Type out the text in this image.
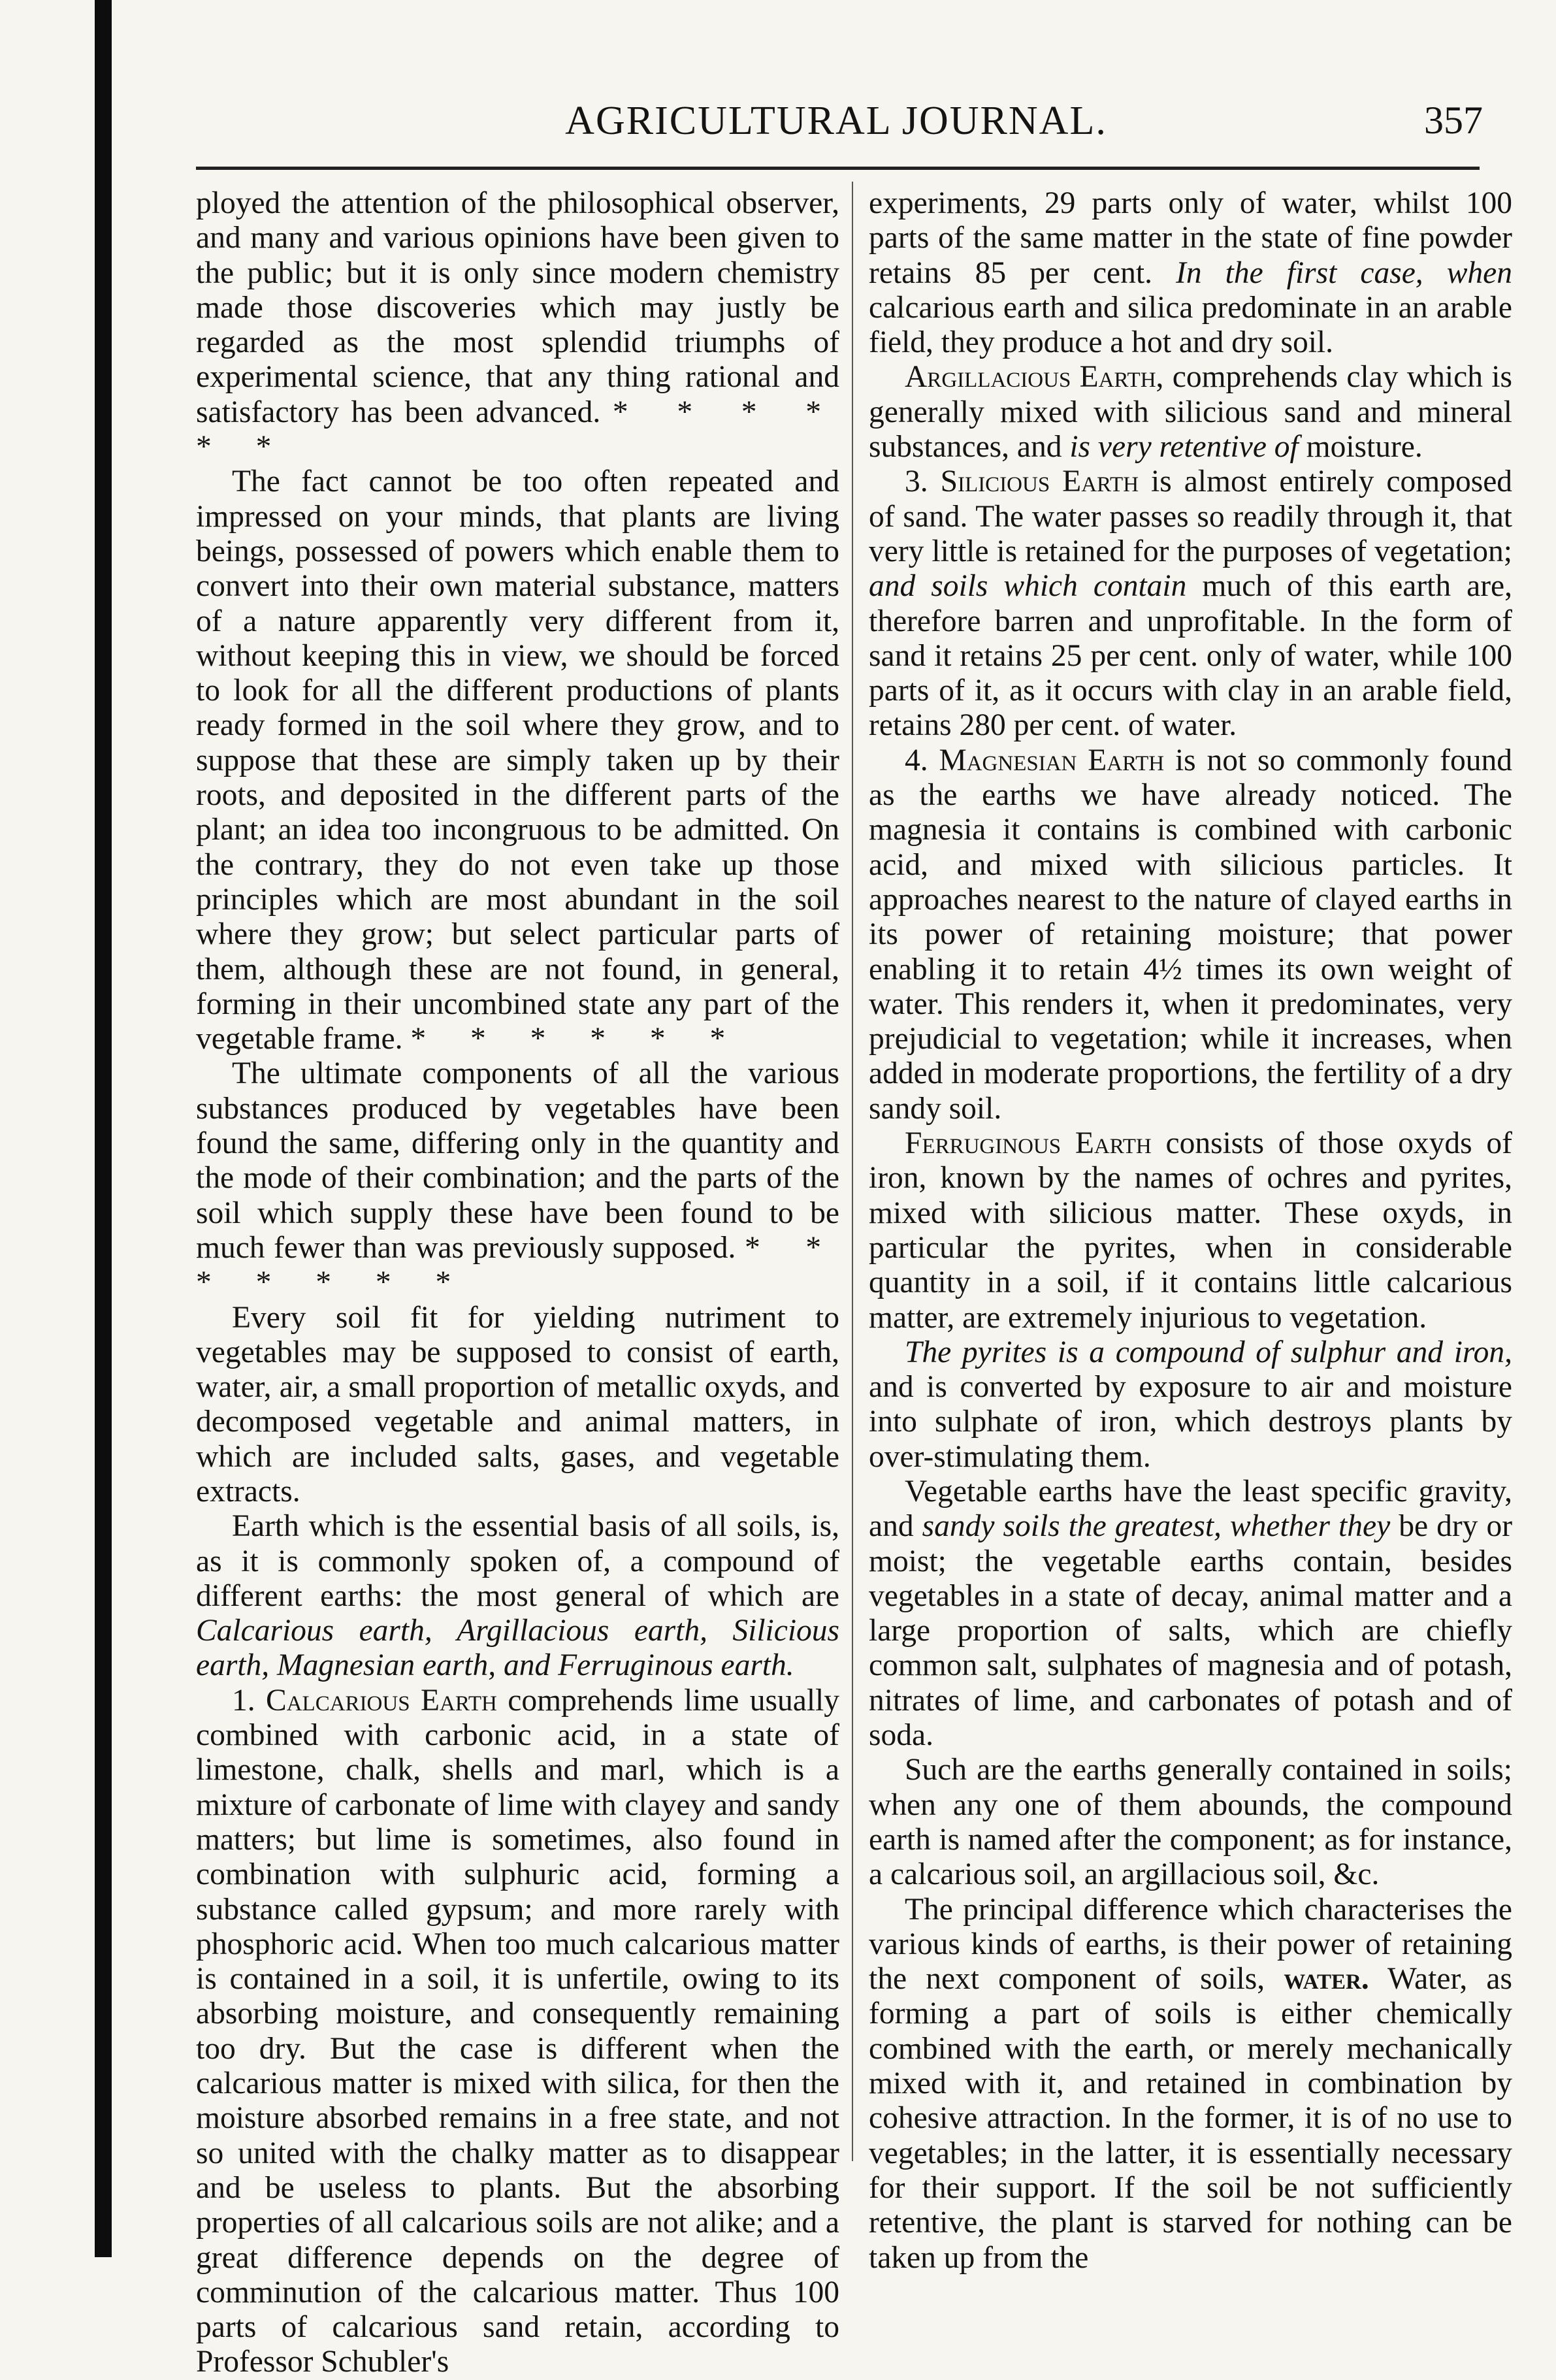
AGRICULTURAL JOURNAL.	357

ployed the attention of the philosophical observer, and many and various opinions have been given to the public; but it is only since modern chemistry made those discoveries which may justly be regarded as the most splendid triumphs of experimental science, that any thing rational and satisfactory has been advanced. * * * * * *

The fact cannot be too often repeated and impressed on your minds, that plants are living beings, possessed of powers which enable them to convert into their own material substance, matters of a nature apparently very different from it, without keeping this in view, we should be forced to look for all the different productions of plants ready formed in the soil where they grow, and to suppose that these are simply taken up by their roots, and deposited in the different parts of the plant; an idea too incongruous to be admitted. On the contrary, they do not even take up those principles which are most abundant in the soil where they grow; but select particular parts of them, although these are not found, in general, forming in their uncombined state any part of the vegetable frame. * * * * * *

The ultimate components of all the various substances produced by vegetables have been found the same, differing only in the quantity and the mode of their combination; and the parts of the soil which supply these have been found to be much fewer than was previously supposed. * * * * * * *

Every soil fit for yielding nutriment to vegetables may be supposed to consist of earth, water, air, a small proportion of metallic oxyds, and decomposed vegetable and animal matters, in which are included salts, gases, and vegetable extracts.

Earth which is the essential basis of all soils, is, as it is commonly spoken of, a compound of different earths: the most general of which are Calcarious earth, Argillacious earth, Silicious earth, Magnesian earth, and Ferruginous earth.

1. Calcarious Earth comprehends lime usually combined with carbonic acid, in a state of limestone, chalk, shells and marl, which is a mixture of carbonate of lime with clayey and sandy matters; but lime is sometimes, also found in combination with sulphuric acid, forming a substance called gypsum; and more rarely with phosphoric acid. When too much calcarious matter is contained in a soil, it is unfertile, owing to its absorbing moisture, and consequently remaining too dry. But the case is different when the calcarious matter is mixed with silica, for then the moisture absorbed remains in a free state, and not so united with the chalky matter as to disappear and be useless to plants. But the absorbing properties of all calcarious soils are not alike; and a great difference depends on the degree of comminution of the calcarious matter. Thus 100 parts of calcarious sand retain, according to Professor Schubler's

experiments, 29 parts only of water, whilst 100 parts of the same matter in the state of fine powder retains 85 per cent. In the first case, when calcarious earth and silica predominate in an arable field, they produce a hot and dry soil.

Argillacious Earth, comprehends clay which is generally mixed with silicious sand and mineral substances, and is very retentive of moisture.

3. Silicious Earth is almost entirely composed of sand. The water passes so readily through it, that very little is retained for the purposes of vegetation; and soils which contain much of this earth are, therefore barren and unprofitable. In the form of sand it retains 25 per cent. only of water, while 100 parts of it, as it occurs with clay in an arable field, retains 280 per cent. of water.

4. Magnesian Earth is not so commonly found as the earths we have already noticed. The magnesia it contains is combined with carbonic acid, and mixed with silicious particles. It approaches nearest to the nature of clayed earths in its power of retaining moisture; that power enabling it to retain 4½ times its own weight of water. This renders it, when it predominates, very prejudicial to vegetation; while it increases, when added in moderate proportions, the fertility of a dry sandy soil.

Ferruginous Earth consists of those oxyds of iron, known by the names of ochres and pyrites, mixed with silicious matter. These oxyds, in particular the pyrites, when in considerable quantity in a soil, if it contains little calcarious matter, are extremely injurious to vegetation.

The pyrites is a compound of sulphur and iron, and is converted by exposure to air and moisture into sulphate of iron, which destroys plants by over-stimulating them.

Vegetable earths have the least specific gravity, and sandy soils the greatest, whether they be dry or moist; the vegetable earths contain, besides vegetables in a state of decay, animal matter and a large proportion of salts, which are chiefly common salt, sulphates of magnesia and of potash, nitrates of lime, and carbonates of potash and of soda.

Such are the earths generally contained in soils; when any one of them abounds, the compound earth is named after the component; as for instance, a calcarious soil, an argillacious soil, &c.

The principal difference which characterises the various kinds of earths, is their power of retaining the next component of soils, water. Water, as forming a part of soils is either chemically combined with the earth, or merely mechanically mixed with it, and retained in combination by cohesive attraction. In the former, it is of no use to vegetables; in the latter, it is essentially necessary for their support. If the soil be not sufficiently retentive, the plant is starved for nothing can be taken up from the
